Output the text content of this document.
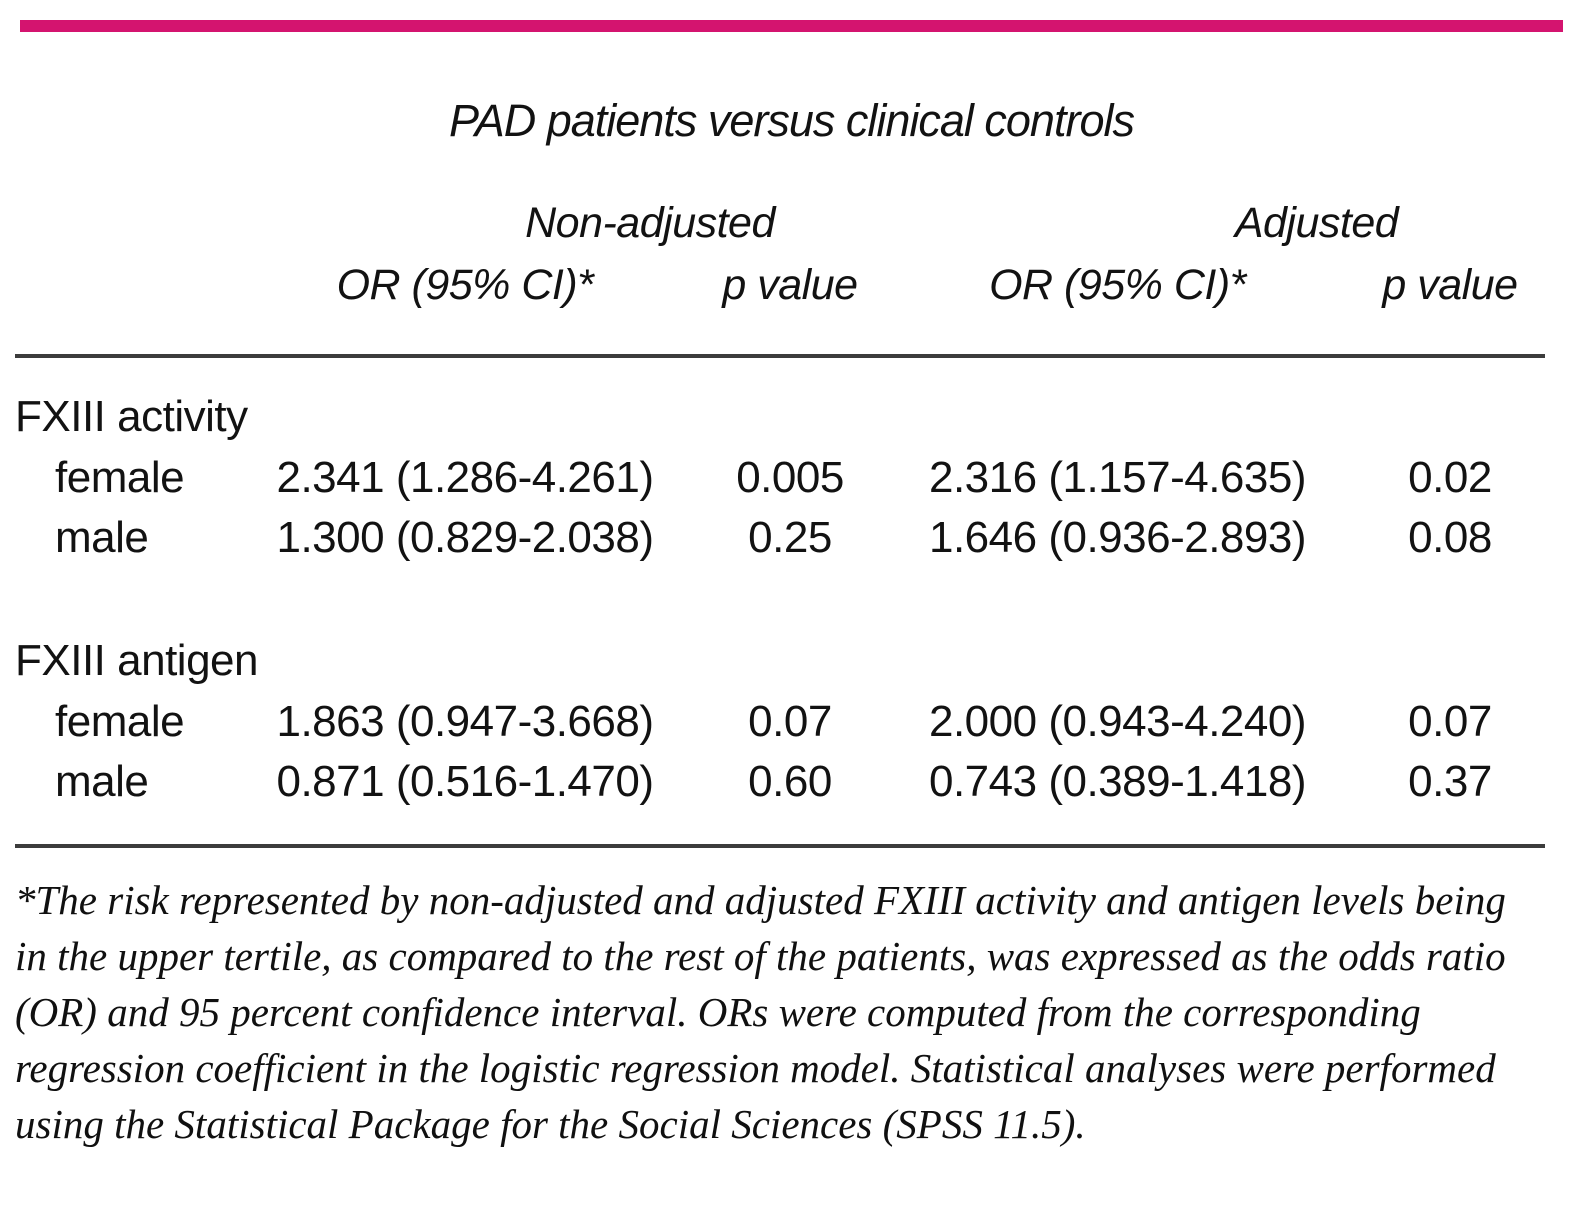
PAD patients versus clinical controls
Non-adjusted	Adjusted
OR (95% CI)*	p value	OR (95% CI)*	p value
FXIII activity
female	2.341 (1.286-4.261)	0.005	2.316 (1.157-4.635)	0.02
male	1.300 (0.829-2.038)	0.25	1.646 (0.936-2.893)	0.08
FXIII antigen
female	1.863 (0.947-3.668)	0.07	2.000 (0.943-4.240)	0.07
male	0.871 (0.516-1.470)	0.60	0.743 (0.389-1.418)	0.37
*The risk represented by non-adjusted and adjusted FXIII activity and antigen levels being in the upper tertile, as compared to the rest of the patients, was expressed as the odds ratio (OR) and 95 percent confidence interval. ORs were computed from the corresponding regression coefficient in the logistic regression model. Statistical analyses were performed using the Statistical Package for the Social Sciences (SPSS 11.5).
